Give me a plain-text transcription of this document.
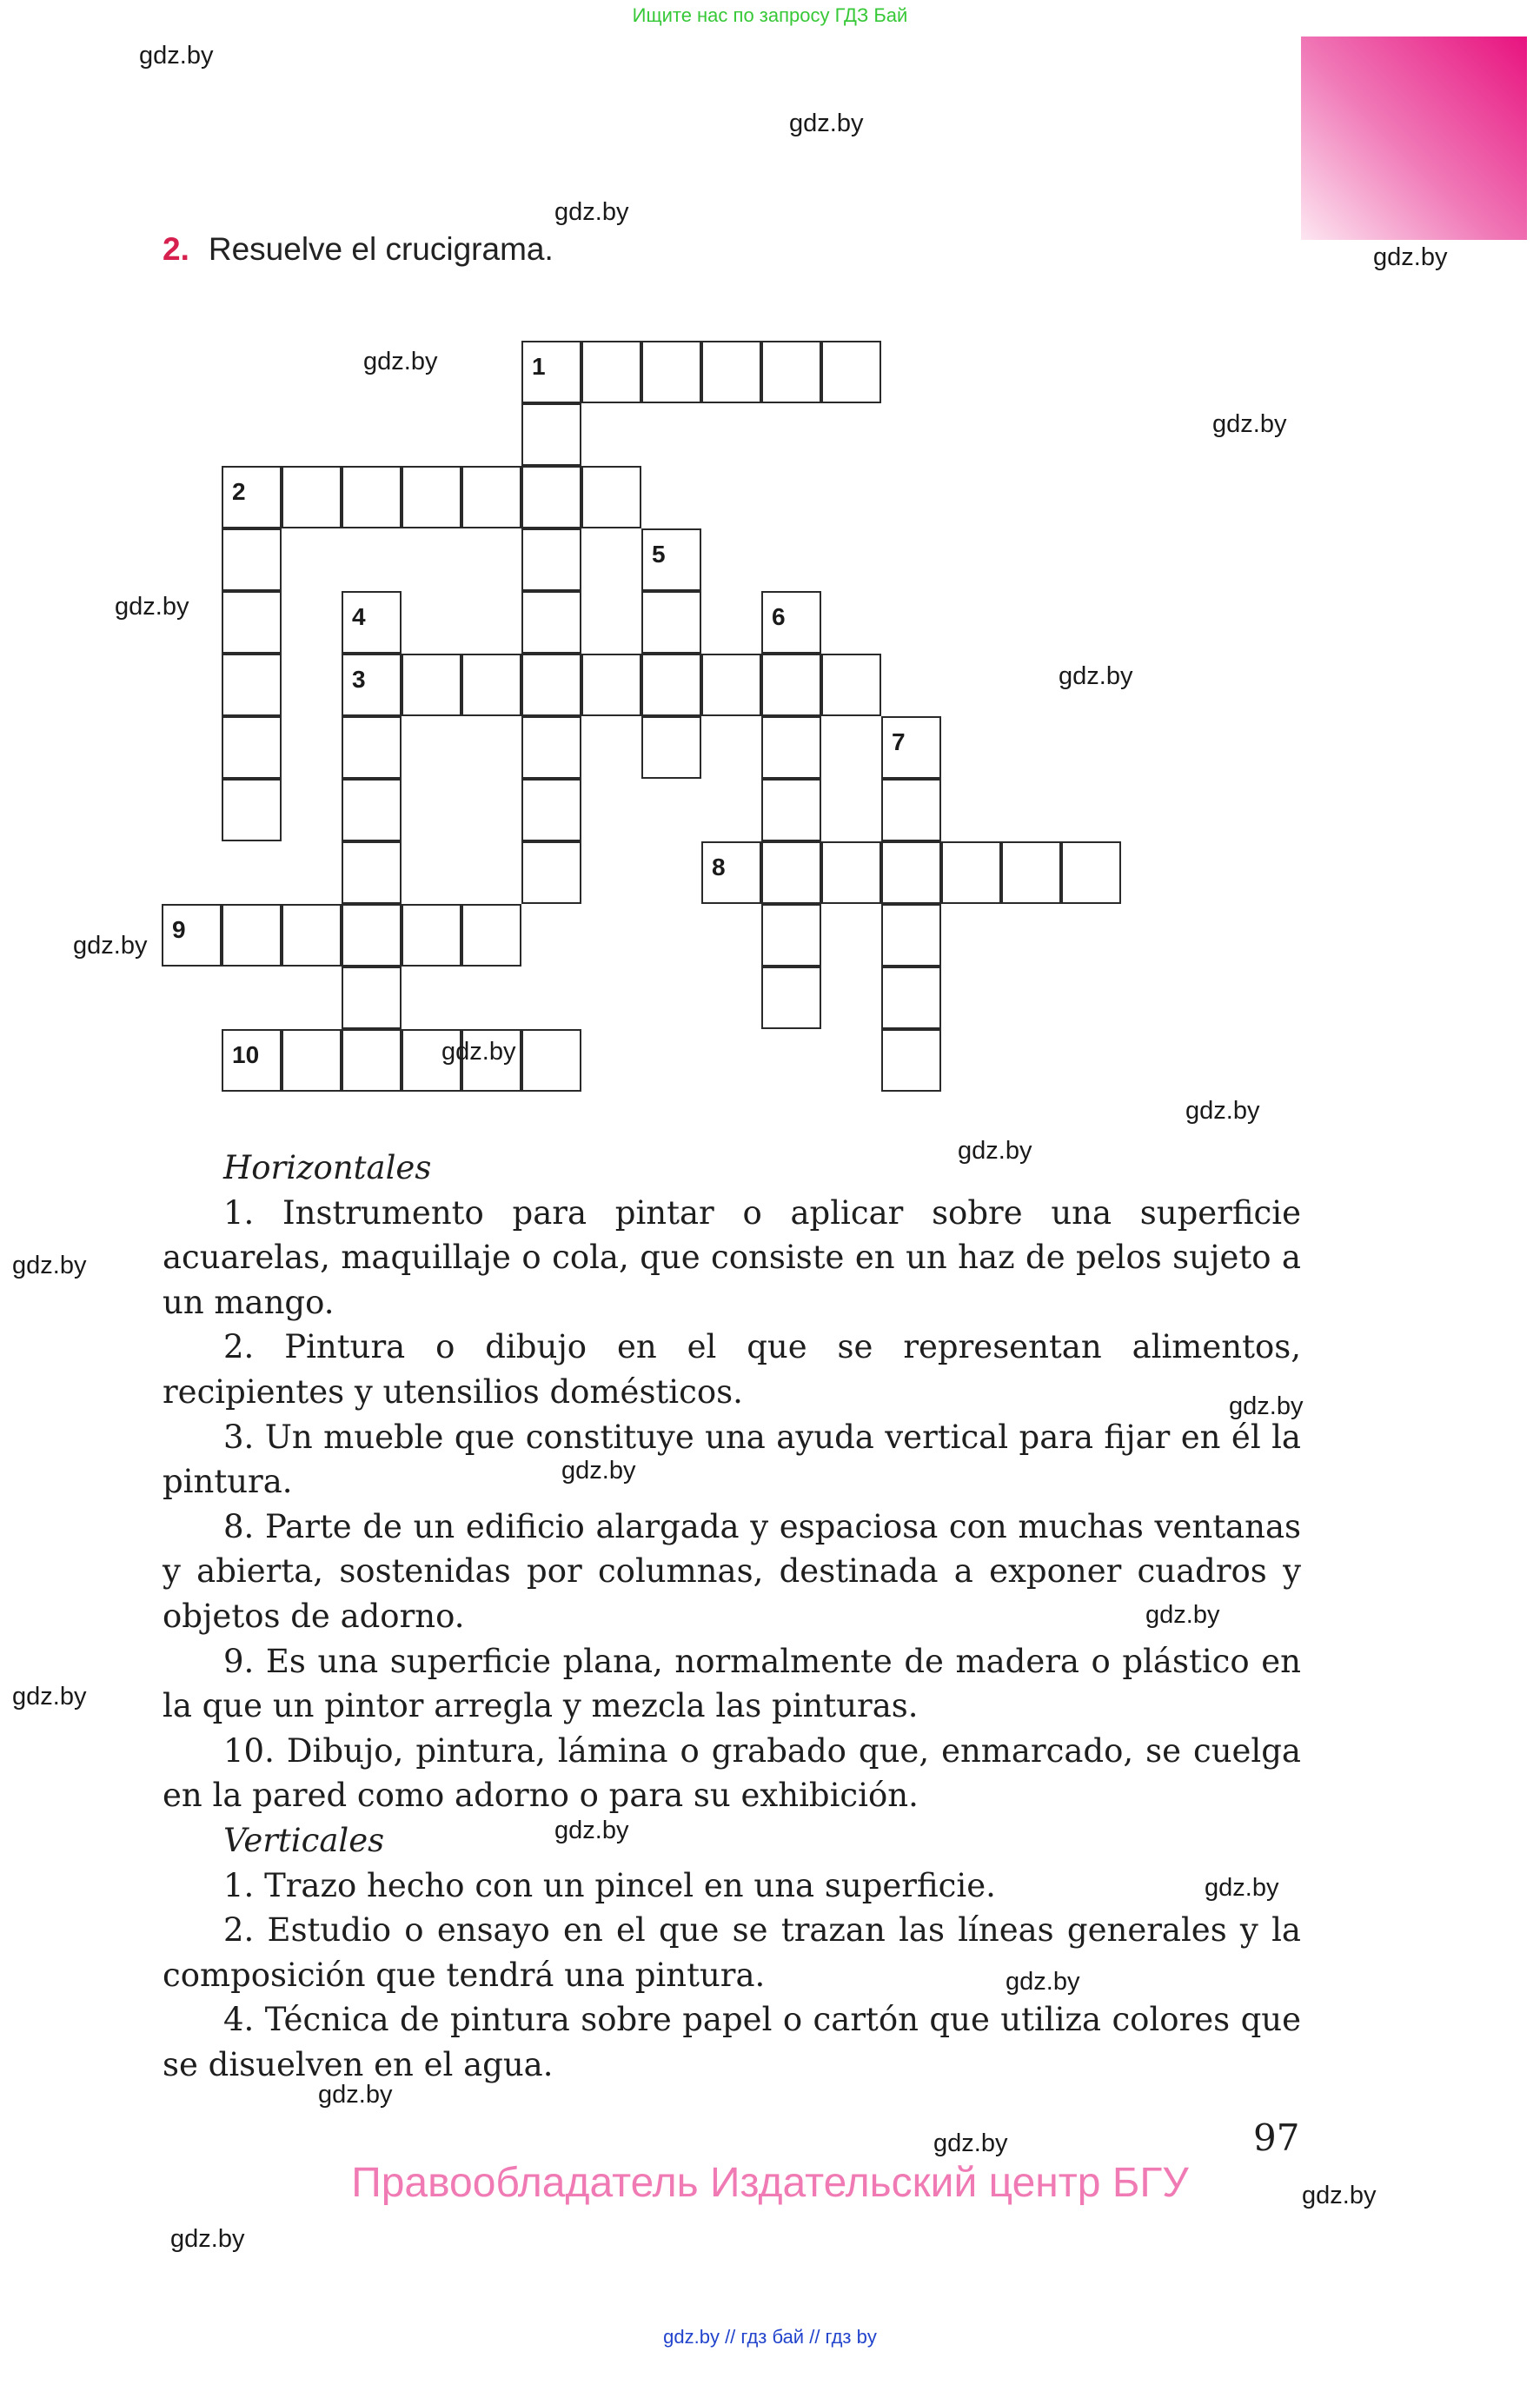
Ищите нас по запросу ГДЗ Бай
2. Resuelve el crucigrama.
1
2
3
4
5
6
7
8
9
10
Horizontales

1. Instrumento para pintar o aplicar sobre una superficie acuarelas, maquillaje o cola, que consiste en un haz de pelos sujeto a un mango.

2. Pintura o dibujo en el que se representan alimentos, recipientes y utensilios domésticos.

3. Un mueble que constituye una ayuda vertical para fijar en él la pintura.

8. Parte de un edificio alargada y espaciosa con muchas ventanas y abierta, sostenidas por columnas, destinada a exponer cuadros y objetos de adorno.

9. Es una superficie plana, normalmente de madera o plástico en la que un pintor arregla y mezcla las pinturas.

10. Dibujo, pintura, lámina o grabado que, enmarcado, se cuelga en la pared como adorno o para su exhibición.

Verticales

1. Trazo hecho con un pincel en una superficie.

2. Estudio o ensayo en el que se trazan las líneas generales y la composición que tendrá una pintura.

4. Técnica de pintura sobre papel o cartón que utiliza colores que se disuelven en el agua.

97
Правообладатель Издательский центр БГУ
gdz.by // гдз бай // гдз by
gdz.by
gdz.by
gdz.by
gdz.by
gdz.by
gdz.by
gdz.by
gdz.by
gdz.by
gdz.by
gdz.by
gdz.by
gdz.by
gdz.by
gdz.by
gdz.by
gdz.by
gdz.by
gdz.by
gdz.by
gdz.by
gdz.by
gdz.by
gdz.by
